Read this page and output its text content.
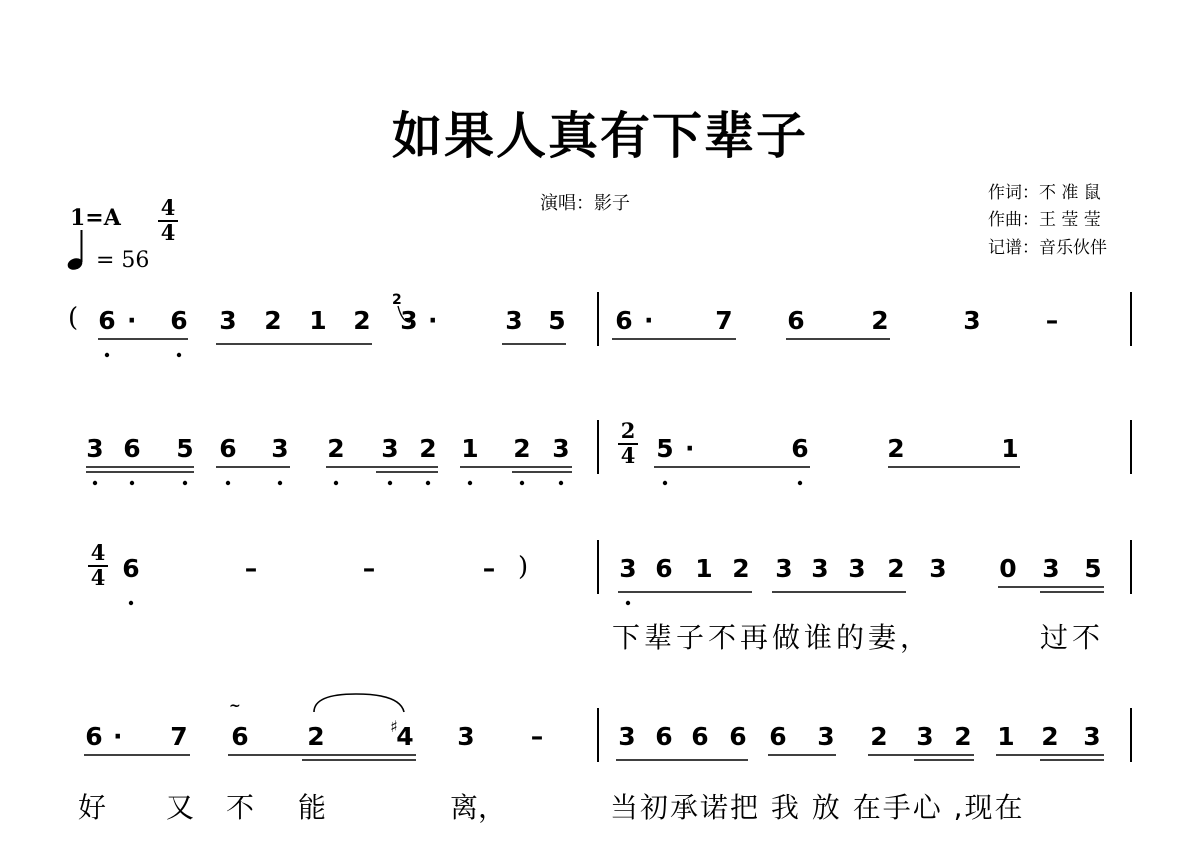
如果人真有下辈子
演唱：影子	作词：不 准 鼠
作曲：王 莹 莹
记谱：音乐伙伴
$1=A \frac{4}{4}$
= 56
(
2
$\frac{2}{4}$
$\frac{4}{4}$	)
~
♯
下辈子不再做谁的妻，	过不
好 又 不 能	离，	当初承诺把 我 放 在手心 ,现在
6 · 6 3 2 1 2 3 ·	3 5 6 · 7 6	2	3	–
3 6 5 6 3 2 3 2 1 2 3	5 ·	6	2	1
6	–	–	–	3 6 1 2 3 3 3 2 3 0 3 5
6 · 7 6 2	4 3 –	3 6 6 6 6 3 2 3 2 1 2 3
